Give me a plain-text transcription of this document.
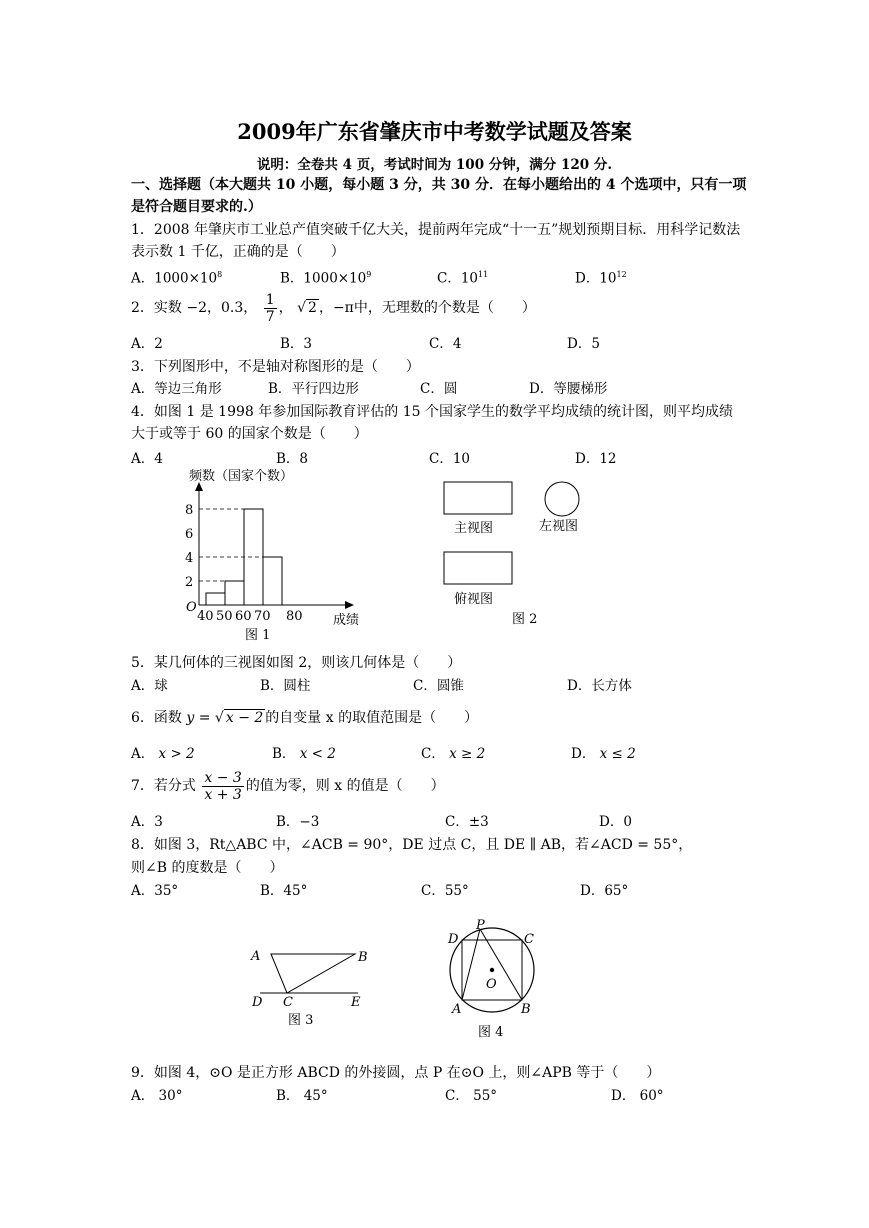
2009年广东省肇庆市中考数学试题及答案
说明：全卷共 4 页，考试时间为 100 分钟，满分 120 分.
一、选择题（本大题共 10 小题，每小题 3 分，共 30 分．在每小题给出的 4 个选项中，只有一项是符合题目要求的.）
1．2008 年肇庆市工业总产值突破千亿大关，提前两年完成“十一五”规划预期目标．用科学记数法表示数 1 千亿，正确的是（　　）
A．$1000\times 10^8$	B．$1000\times 10^9$	C．$10^{11}$	D．$10^{12}$
2．实数 −2，0.3， $\frac{1}{7}$ ， √ 2 ，−π中，无理数的个数是（　　）
A．2	B．3	C．4	D．5
3．下列图形中，不是轴对称图形的是（　　）
A．等边三角形	B．平行四边形	C．圆	D．等腰梯形
4．如图 1 是 1998 年参加国际教育评估的 15 个国家学生的数学平均成绩的统计图，则平均成绩大于或等于 60 的国家个数是（　　）
A．4	B．8	C．10	D．12
2
4
6
8
40 50 60 70 80
O
频数（国家个数）
成绩
图 1
主视图	左视图
俯视图
图 2
5．某几何体的三视图如图 2，则该几何体是（　　）
A．球	B．圆柱	C．圆锥	D．长方体
6．函数 y = √ x − 2 的自变量 x 的取值范围是（　　）
A． x > 2	B． x < 2	C． x ≥ 2	D． x ≤ 2
7．若分式 $\frac{x - 3}{x + 3}$ 的值为零，则 x 的值是（　　）
A．3	B．−3	C．±3	D．0
8．如图 3，Rt△ABC 中，∠ACB = 90°，DE 过点 C，且 DE ∥ AB，若∠ACD = 55°，
则∠B 的度数是（　　）
A．35°	B．45°	C．55°	D．65°
A	B
D C	E
图 3
P
D	C
A	B
O
图 4
9．如图 4，⊙O 是正方形 ABCD 的外接圆，点 P 在⊙O 上，则∠APB 等于（　　）
A． 30°	B． 45°	C． 55°	D． 60°
